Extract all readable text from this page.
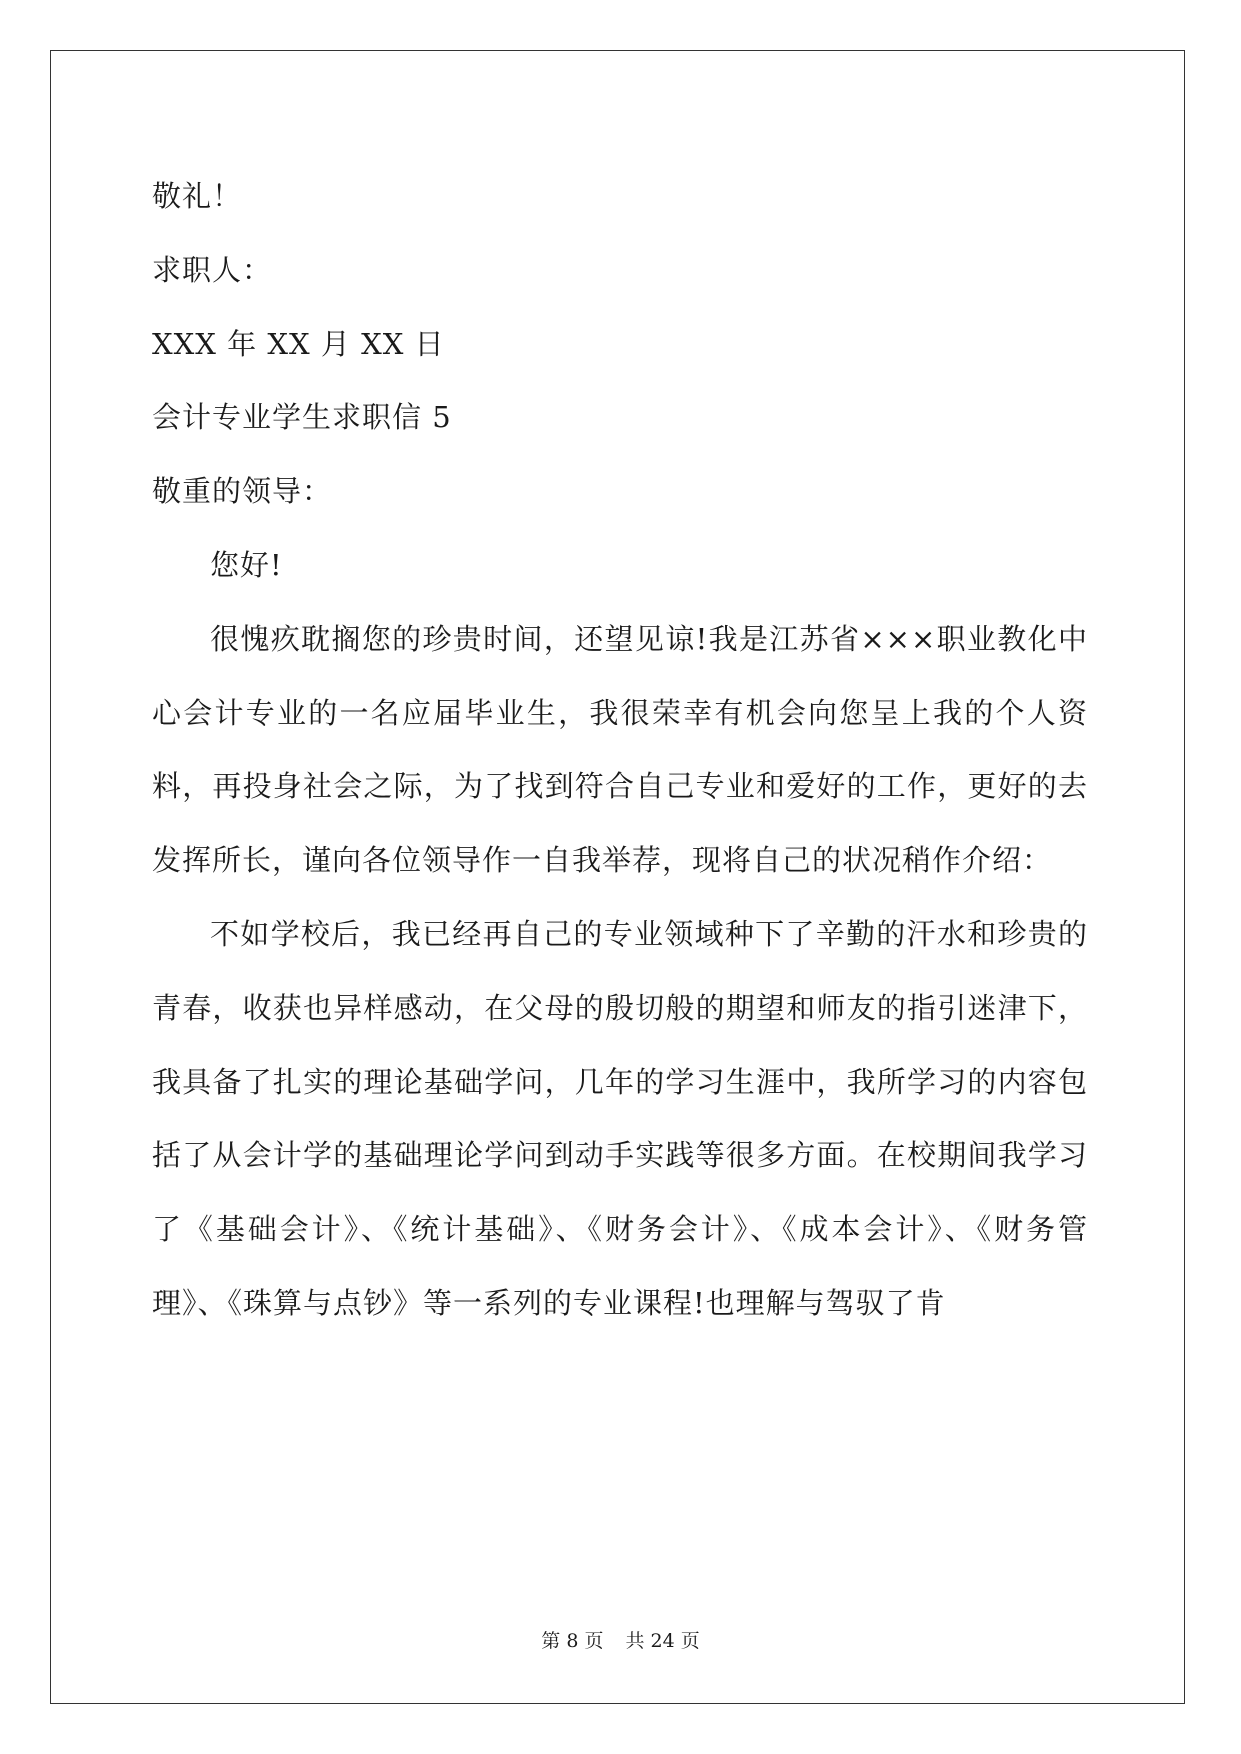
敬礼！
求职人：
XXX 年 XX 月 XX 日
会计专业学生求职信 5
敬重的领导：
您好!

很愧疚耽搁您的珍贵时间，还望见谅!我是江苏省×××职业教化中心会计专业的一名应届毕业生，我很荣幸有机会向您呈上我的个人资料，再投身社会之际，为了找到符合自己专业和爱好的工作，更好的去发挥所长，谨向各位领导作一自我举荐，现将自己的状况稍作介绍：

不如学校后，我已经再自己的专业领域种下了辛勤的汗水和珍贵的青春，收获也异样感动，在父母的殷切般的期望和师友的指引迷津下，我具备了扎实的理论基础学问，几年的学习生涯中，我所学习的内容包括了从会计学的基础理论学问到动手实践等很多方面。在校期间我学习了《基础会计》、《统计基础》、《财务会计》、《成本会计》、《财务管理》、《珠算与点钞》等一系列的专业课程!也理解与驾驭了肯

第 8 页 共 24 页
